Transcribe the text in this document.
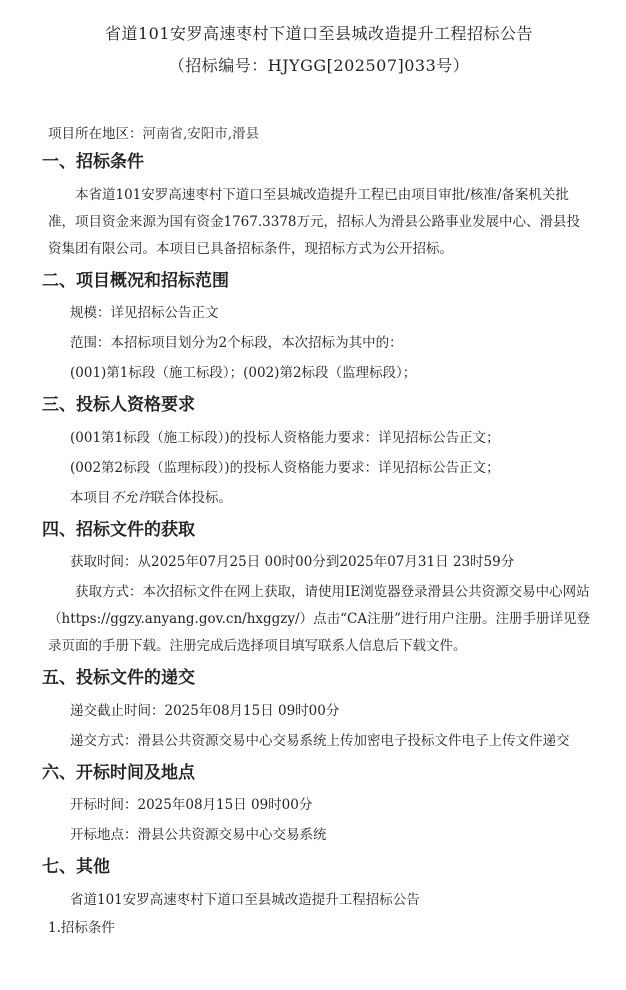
省道101安罗高速枣村下道口至县城改造提升工程招标公告
（招标编号：HJYGG[202507]033号）
项目所在地区：河南省,安阳市,滑县
一、招标条件

本省道101安罗高速枣村下道口至县城改造提升工程已由项目审批/核准/备案机关批准，项目资金来源为国有资金1767.3378万元，招标人为滑县公路事业发展中心、滑县投资集团有限公司。本项目已具备招标条件，现招标方式为公开招标。

二、项目概况和招标范围

规模：详见招标公告正文

范围：本招标项目划分为2个标段，本次招标为其中的：

(001)第1标段（施工标段）；(002)第2标段（监理标段）；

三、投标人资格要求

(001第1标段（施工标段）)的投标人资格能力要求：详见招标公告正文；

(002第2标段（监理标段）)的投标人资格能力要求：详见招标公告正文；

本项目不允许联合体投标。

四、招标文件的获取

获取时间：从2025年07月25日 00时00分到2025年07月31日 23时59分

获取方式：本次招标文件在网上获取，请使用IE浏览器登录滑县公共资源交易中心网站（https://ggzy.anyang.gov.cn/hxggzy/）点击“CA注册”进行用户注册。注册手册详见登录页面的手册下载。注册完成后选择项目填写联系人信息后下载文件。

五、投标文件的递交

递交截止时间：2025年08月15日 09时00分

递交方式：滑县公共资源交易中心交易系统上传加密电子投标文件电子上传文件递交

六、开标时间及地点

开标时间：2025年08月15日 09时00分

开标地点：滑县公共资源交易中心交易系统

七、其他

省道101安罗高速枣村下道口至县城改造提升工程招标公告

1.招标条件
